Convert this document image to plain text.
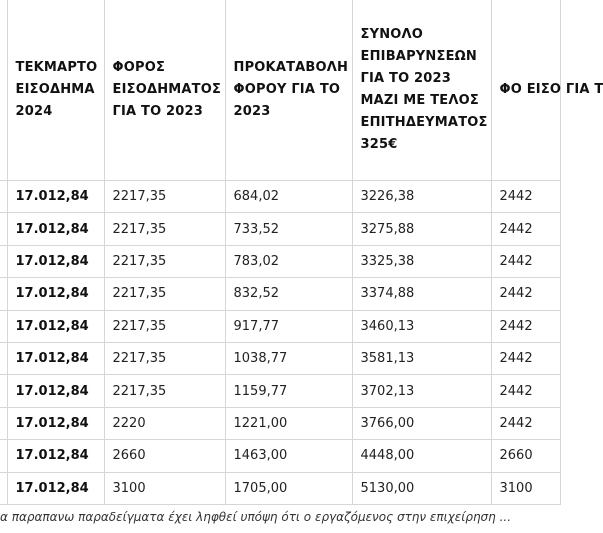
	ΤΕΚΜΑΡΤΟ ΕΙΣΟΔΗΜΑ 2024	ΦΟΡΟΣ ΕΙΣΟΔΗΜΑΤΟΣ ΓΙΑ ΤΟ 2023	ΠΡΟΚΑΤΑΒΟΛΗ ΦΟΡΟΥ ΓΙΑ ΤΟ 2023	ΣΥΝΟΛΟ ΕΠΙΒΑΡΥΝΣΕΩΝ ΓΙΑ ΤΟ 2023 ΜΑΖΙ ΜΕ ΤΕΛΟΣ ΕΠΙΤΗΔΕΥΜΑΤΟΣ 325€	ΦΟ ΕΙΣΟ ΓΙΑ Τ
	17.012,84	2217,35	684,02	3226,38	2442
	17.012,84	2217,35	733,52	3275,88	2442
	17.012,84	2217,35	783,02	3325,38	2442
	17.012,84	2217,35	832,52	3374,88	2442
	17.012,84	2217,35	917,77	3460,13	2442
	17.012,84	2217,35	1038,77	3581,13	2442
	17.012,84	2217,35	1159,77	3702,13	2442
	17.012,84	2220	1221,00	3766,00	2442
	17.012,84	2660	1463,00	4448,00	2660
	17.012,84	3100	1705,00	5130,00	3100
α παραπανω παραδείγματα έχει ληφθεί υπόψη ότι ο εργαζόμενος στην επιχείρηση ...
